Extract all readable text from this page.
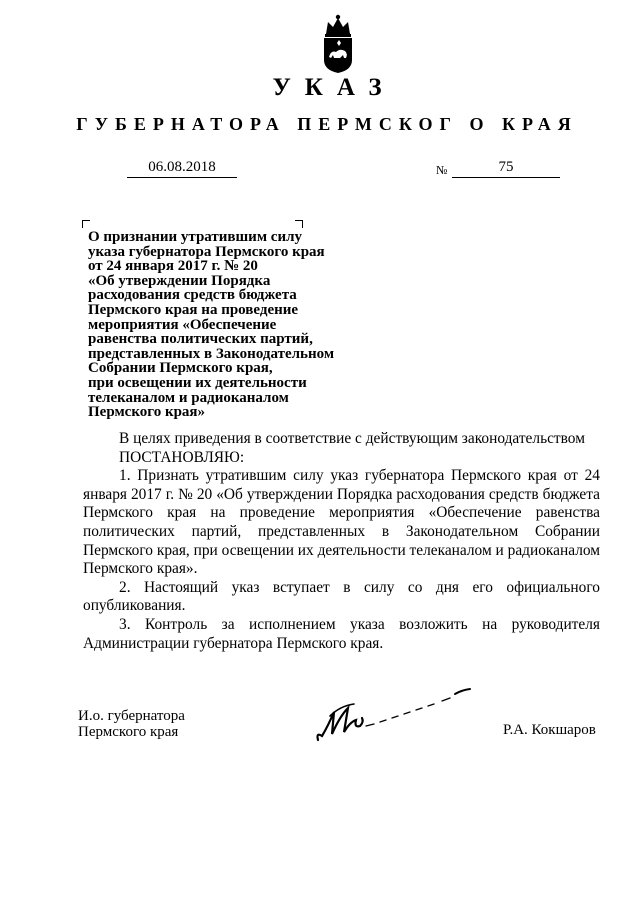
УКАЗ
ГУБЕРНАТОРА ПЕРМСКОГ О КРАЯ
06.08.2018	№	75
О признании утратившим силу
указа губернатора Пермского края
от 24 января 2017 г. № 20
«Об утверждении Порядка
расходования средств бюджета
Пермского края на проведение
мероприятия «Обеспечение
равенства политических партий,
представленных в Законодательном
Собрании Пермского края,
при освещении их деятельности
телеканалом и радиоканалом
Пермского края»

В целях приведения в соответствие с действующим законодательством

ПОСТАНОВЛЯЮ:

1. Признать утратившим силу указ губернатора Пермского края от 24 января 2017 г. № 20 «Об утверждении Порядка расходования средств бюджета Пермского края на проведение мероприятия «Обеспечение равенства политических партий, представленных в Законодательном Собрании Пермского края, при освещении их деятельности телеканалом и радиоканалом Пермского края».

2. Настоящий указ вступает в силу со дня его официального опубликования.

3. Контроль за исполнением указа возложить на руководителя Администрации губернатора Пермского края.

И.о. губернатора
Пермского края	Р.А. Кокшаров
